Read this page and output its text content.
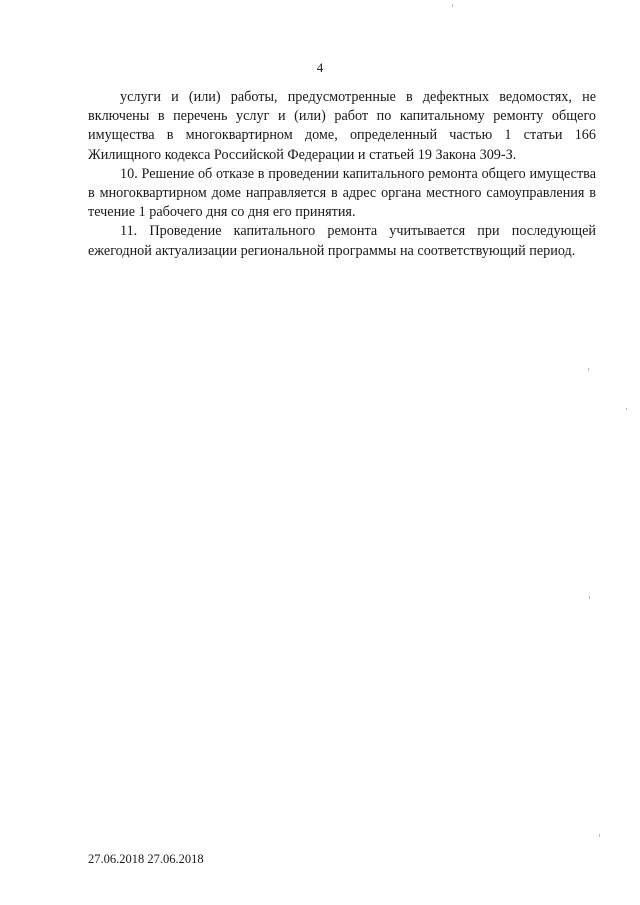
4

услуги и (или) работы, предусмотренные в дефектных ведомостях, не включены в перечень услуг и (или) работ по капитальному ремонту общего имущества в многоквартирном доме, определенный частью 1 статьи 166 Жилищного кодекса Российской Федерации и статьей 19 Закона 309-З.

10. Решение об отказе в проведении капитального ремонта общего имущества в многоквартирном доме направляется в адрес органа местного самоуправления в течение 1 рабочего дня со дня его принятия.

11. Проведение капитального ремонта учитывается при последующей ежегодной актуализации региональной программы на соответствующий период.

27.06.2018 27.06.2018
